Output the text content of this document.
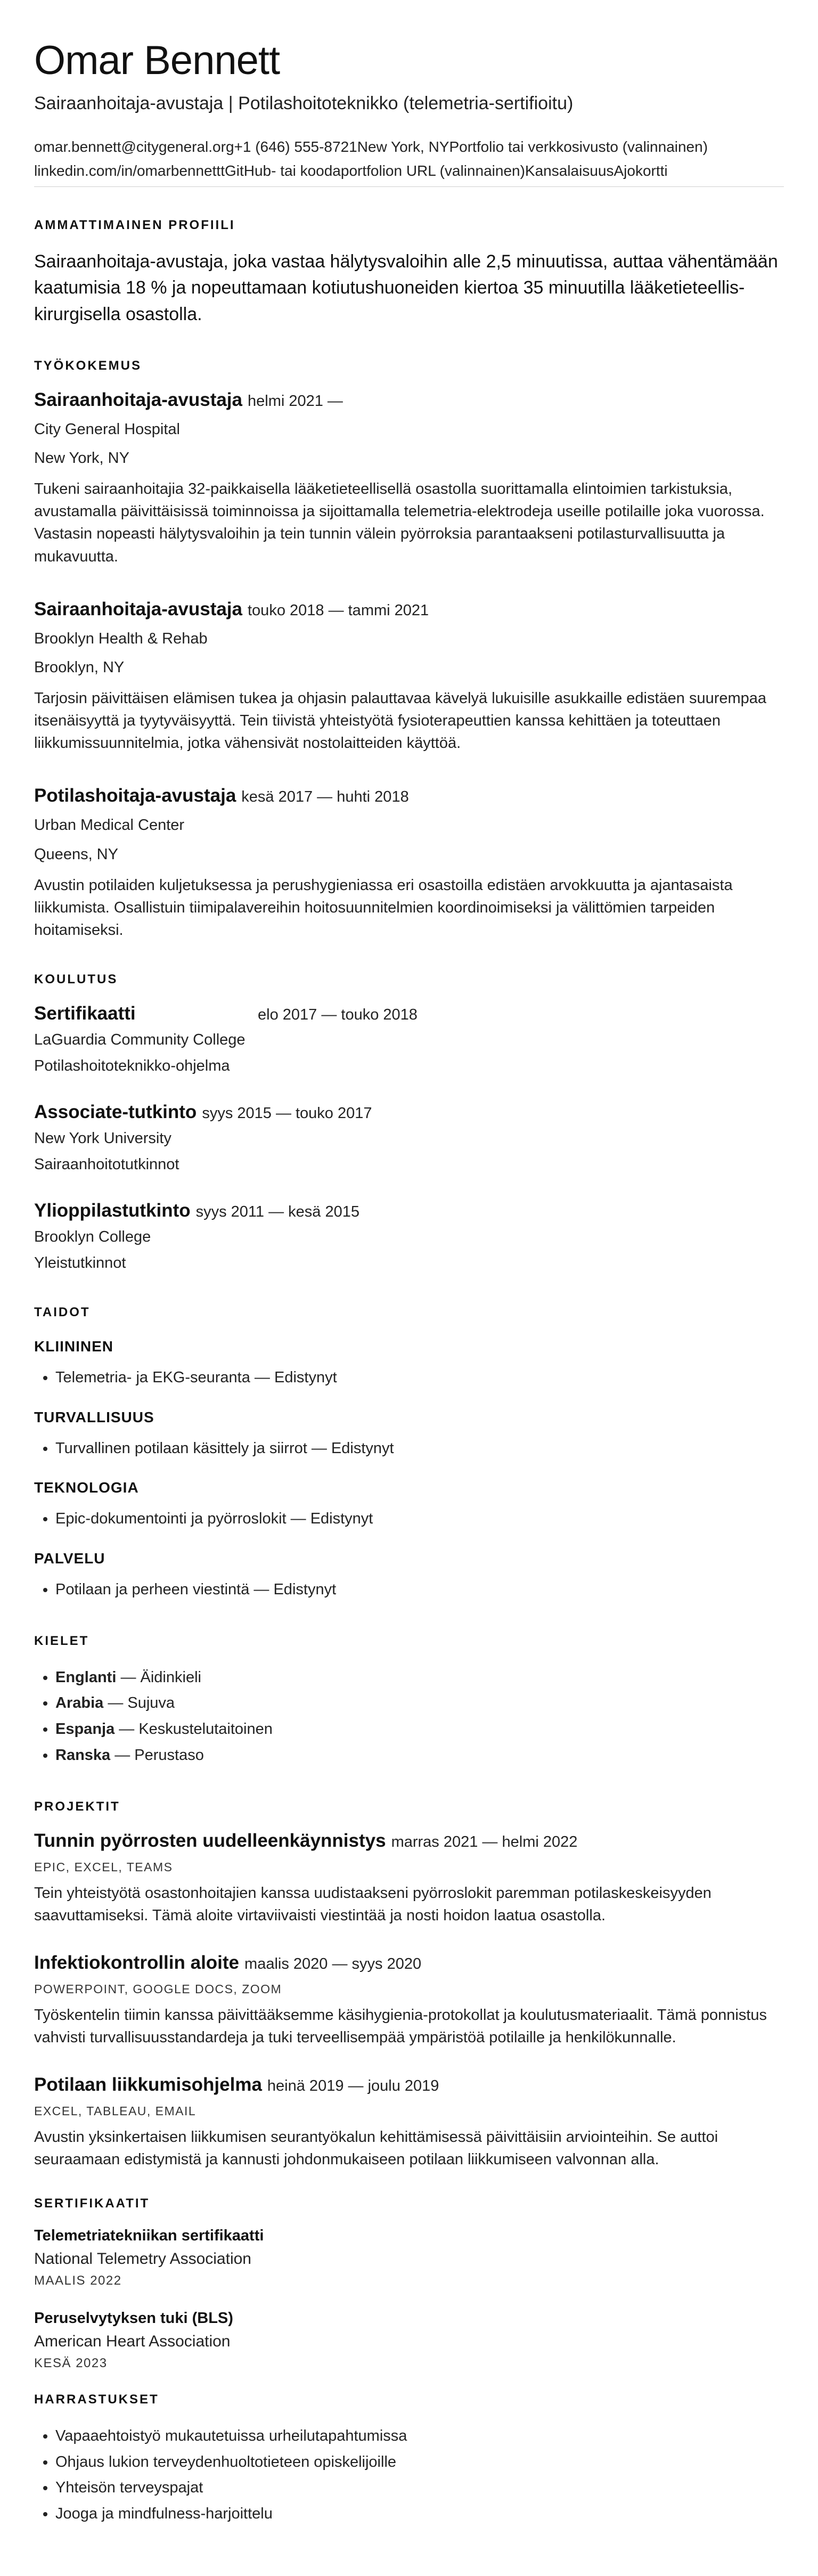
Omar Bennett
Sairaanhoitaja-avustaja | Potilashoitoteknikko (telemetria-sertifioitu)
omar.bennett@citygeneral.org+1 (646) 555-8721New York, NYPortfolio tai verkkosivusto (valinnainen)
linkedin.com/in/omarbennetttGitHub- tai koodaportfolion URL (valinnainen)KansalaisuusAjokortti
AMMATTIMAINEN PROFIILI
Sairaanhoitaja-avustaja, joka vastaa hälytysvaloihin alle 2,5 minuutissa, auttaa vähentämään kaatumisia 18 % ja nopeuttamaan kotiutushuoneiden kiertoa 35 minuutilla lääketieteellis-kirurgisella osastolla.
TYÖKOKEMUS
Sairaanhoitaja-avustaja helmi 2021 —
City General Hospital
New York, NY
Tukeni sairaanhoitajia 32-paikkaisella lääketieteellisellä osastolla suorittamalla elintoimien tarkistuksia, avustamalla päivittäisissä toiminnoissa ja sijoittamalla telemetria-elektrodeja useille potilaille joka vuorossa. Vastasin nopeasti hälytysvaloihin ja tein tunnin välein pyörroksia parantaakseni potilasturvallisuutta ja mukavuutta.
Sairaanhoitaja-avustaja touko 2018 — tammi 2021
Brooklyn Health & Rehab
Brooklyn, NY
Tarjosin päivittäisen elämisen tukea ja ohjasin palauttavaa kävelyä lukuisille asukkaille edistäen suurempaa itsenäisyyttä ja tyytyväisyyttä. Tein tiivistä yhteistyötä fysioterapeuttien kanssa kehittäen ja toteuttaen liikkumissuunnitelmia, jotka vähensivät nostolaitteiden käyttöä.
Potilashoitaja-avustaja kesä 2017 — huhti 2018
Urban Medical Center
Queens, NY
Avustin potilaiden kuljetuksessa ja perushygieniassa eri osastoilla edistäen arvokkuutta ja ajantasaista liikkumista. Osallistuin tiimipalavereihin hoitosuunnitelmien koordinoimiseksi ja välittömien tarpeiden hoitamiseksi.
KOULUTUS
Sertifikaatti	elo 2017 — touko 2018
LaGuardia Community College
Potilashoitoteknikko-ohjelma
Associate-tutkinto syys 2015 — touko 2017
New York University
Sairaanhoitotutkinnot
Ylioppilastutkinto syys 2011 — kesä 2015
Brooklyn College
Yleistutkinnot
TAIDOT
KLIININEN
• Telemetria- ja EKG-seuranta — Edistynyt
TURVALLISUUS
• Turvallinen potilaan käsittely ja siirrot — Edistynyt
TEKNOLOGIA
• Epic-dokumentointi ja pyörroslokit — Edistynyt
PALVELU
• Potilaan ja perheen viestintä — Edistynyt
KIELET
• Englanti — Äidinkieli
• Arabia — Sujuva
• Espanja — Keskustelutaitoinen
• Ranska — Perustaso
PROJEKTIT
Tunnin pyörrosten uudelleenkäynnistys marras 2021 — helmi 2022
EPIC, EXCEL, TEAMS
Tein yhteistyötä osastonhoitajien kanssa uudistaakseni pyörroslokit paremman potilaskeskeisyyden saavuttamiseksi. Tämä aloite virtaviivaisti viestintää ja nosti hoidon laatua osastolla.
Infektiokontrollin aloite maalis 2020 — syys 2020
POWERPOINT, GOOGLE DOCS, ZOOM
Työskentelin tiimin kanssa päivittääksemme käsihygienia-protokollat ja koulutusmateriaalit. Tämä ponnistus vahvisti turvallisuusstandardeja ja tuki terveellisempää ympäristöä potilaille ja henkilökunnalle.
Potilaan liikkumisohjelma heinä 2019 — joulu 2019
EXCEL, TABLEAU, EMAIL
Avustin yksinkertaisen liikkumisen seurantyökalun kehittämisessä päivittäisiin arviointeihin. Se auttoi seuraamaan edistymistä ja kannusti johdonmukaiseen potilaan liikkumiseen valvonnan alla.
SERTIFIKAATIT
Telemetriatekniikan sertifikaatti
National Telemetry Association
MAALIS 2022
Peruselvytyksen tuki (BLS)
American Heart Association
KESÄ 2023
HARRASTUKSET
• Vapaaehtoistyö mukautetuissa urheilutapahtumissa
• Ohjaus lukion terveydenhuoltotieteen opiskelijoille
• Yhteisön terveyspajat
• Jooga ja mindfulness-harjoittelu
